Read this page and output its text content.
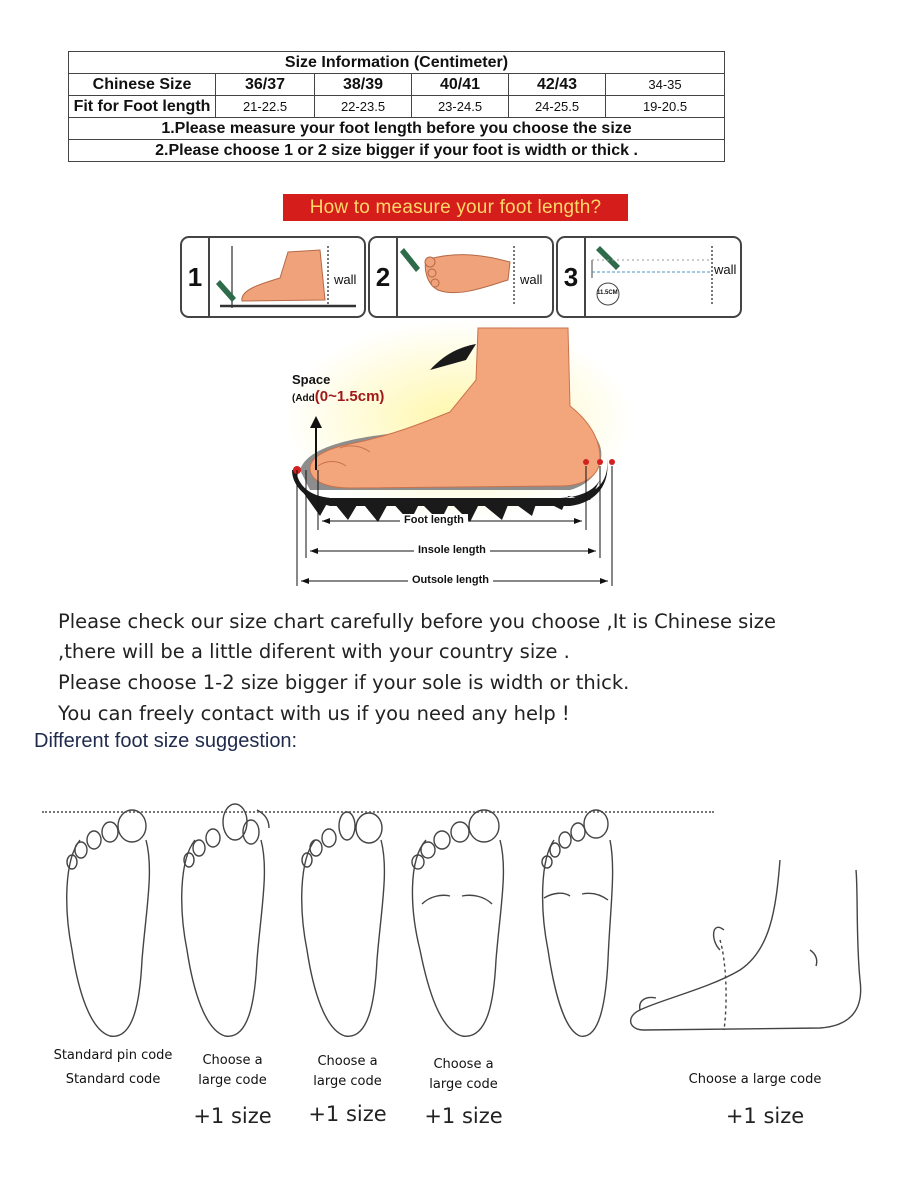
Size Information (Centimeter)					
Chinese Size	36/37	38/39	40/41	42/43	34-35
Fit for Foot length	21-22.5	22-23.5	23-24.5	24-25.5	19-20.5
1.Please measure your foot length before you choose the size					
2.Please choose 1 or 2 size bigger if your foot is width or thick .					
How to measure your foot length?
1	wall 2	wall 3
11.5CM
wall
Space
(Add(0~1.5cm)
Foot length
Insole length
Outsole length
Please check our size chart carefully before you choose ,It is Chinese size
,there will be a little diferent with your country size .
Please choose 1-2 size bigger if your sole is width or thick.
You can freely contact with us if you need any help !
Different foot size suggestion:
Standard pin code
Standard code
Choose a
large code
+1 size
Choose a
large code
+1 size
Choose a
large code
+1 size
Choose a large code
+1 size
